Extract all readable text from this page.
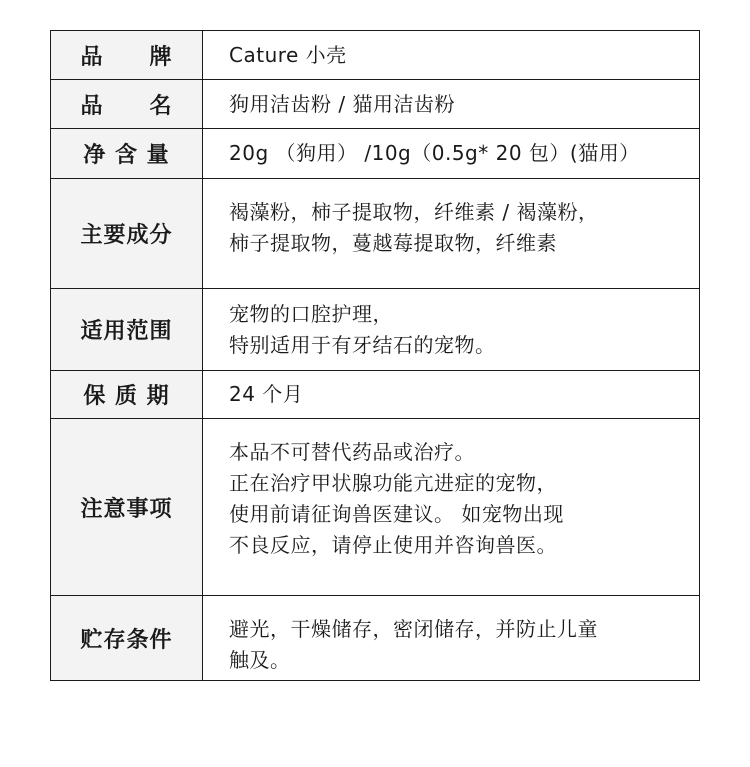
品　　牌	Cature 小壳

品　　名	狗用洁齿粉 / 猫用洁齿粉

净 含 量	20g （狗用） /10g（0.5g* 20 包）(猫用）

主要成分	褐藻粉，柿子提取物，纤维素 / 褐藻粉，
柿子提取物，蔓越莓提取物，纤维素

适用范围	宠物的口腔护理，
特别适用于有牙结石的宠物。

保 质 期	24 个月

注意事项	本品不可替代药品或治疗。
正在治疗甲状腺功能亢进症的宠物，
使用前请征询兽医建议。 如宠物出现
不良反应，请停止使用并咨询兽医。

贮存条件	避光，干燥储存，密闭储存，并防止儿童
触及。
